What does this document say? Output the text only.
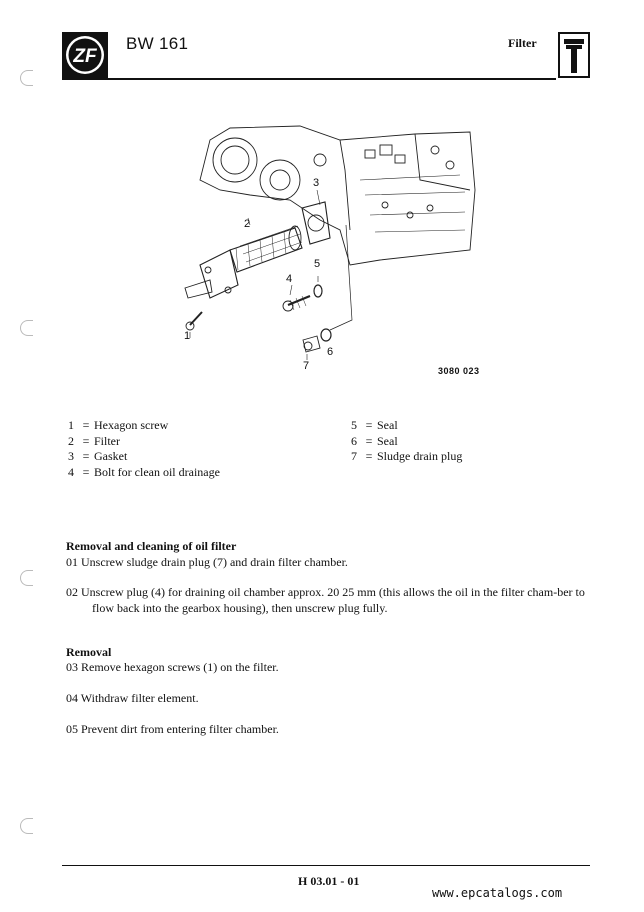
ZF
BW 161	Filter
1
2
3
4
5
6
7	3080 023
1 = Hexagon screw
2 = Filter
3 = Gasket
4 = Bolt for clean oil drainage
5 = Seal
6 = Seal
7 = Sludge drain plug
Removal and cleaning of oil filter
01 Unscrew sludge drain plug (7) and drain filter chamber.
02 Unscrew plug (4) for draining oil chamber approx. 20 25 mm (this allows the oil in the filter cham-ber to flow back into the gearbox housing), then unscrew plug fully.
Removal
03 Remove hexagon screws (1) on the filter.
04 Withdraw filter element.
05 Prevent dirt from entering filter chamber.
H 03.01 - 01
www.epcatalogs.com
